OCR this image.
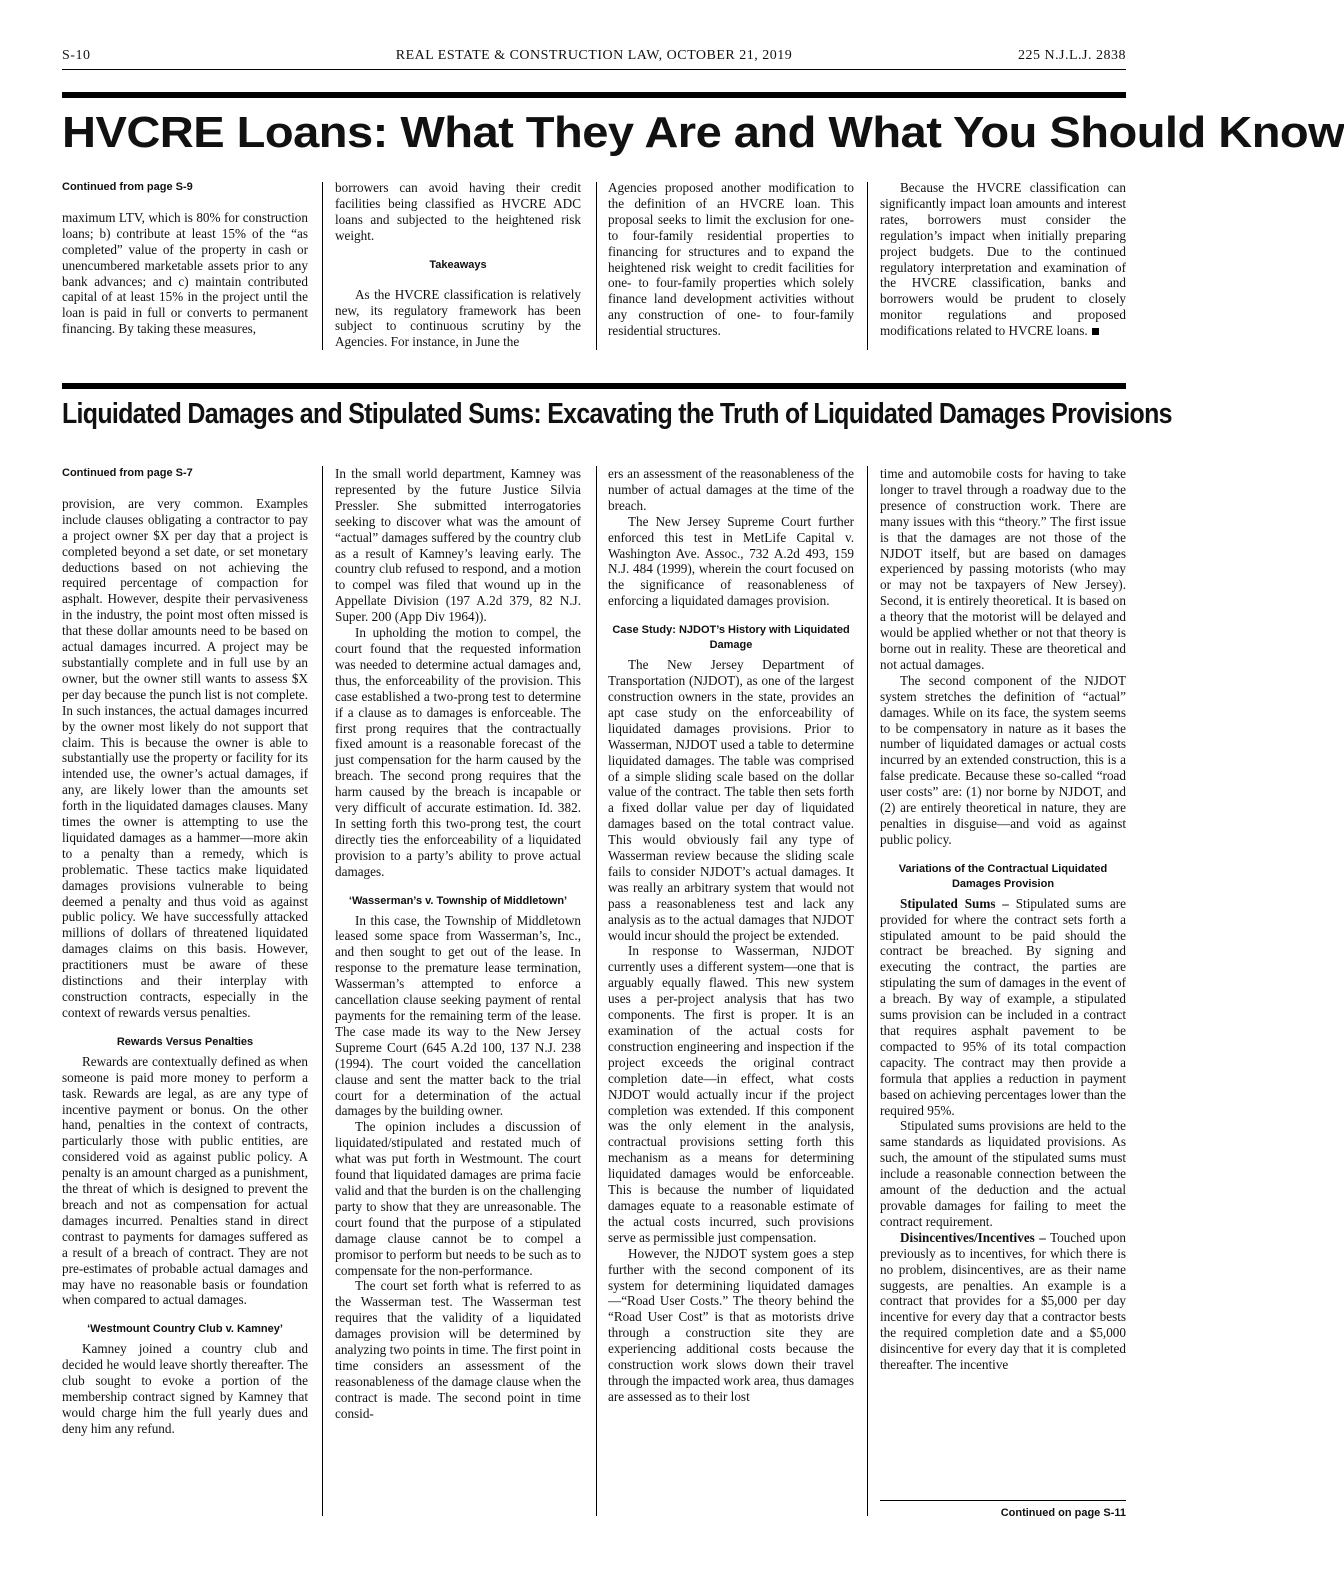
S-10	REAL ESTATE & CONSTRUCTION LAW, OCTOBER 21, 2019	225 N.J.L.J. 2838
HVCRE Loans: What They Are and What You Should Know
Continued from page S-9

maximum LTV, which is 80% for construction loans; b) contribute at least 15% of the “as completed” value of the property in cash or unencumbered marketable assets prior to any bank advances; and c) maintain contributed capital of at least 15% in the project until the loan is paid in full or converts to permanent financing. By taking these measures,

borrowers can avoid having their credit facilities being classified as HVCRE ADC loans and subjected to the heightened risk weight.

Takeaways

As the HVCRE classification is relatively new, its regulatory framework has been subject to continuous scrutiny by the Agencies. For instance, in June the

Agencies proposed another modification to the definition of an HVCRE loan. This proposal seeks to limit the exclusion for one- to four-family residential properties to financing for structures and to expand the heightened risk weight to credit facilities for one- to four-family properties which solely finance land development activities without any construction of one- to four-family residential structures.

Because the HVCRE classification can significantly impact loan amounts and interest rates, borrowers must consider the regulation’s impact when initially preparing project budgets. Due to the continued regulatory interpretation and examination of the HVCRE classification, banks and borrowers would be prudent to closely monitor regulations and proposed modifications related to HVCRE loans.

Liquidated Damages and Stipulated Sums: Excavating the Truth of Liquidated Damages Provisions
Continued from page S-7

provision, are very common. Examples include clauses obligating a contractor to pay a project owner $X per day that a project is completed beyond a set date, or set monetary deductions based on not achieving the required percentage of compaction for asphalt. However, despite their pervasiveness in the industry, the point most often missed is that these dollar amounts need to be based on actual damages incurred. A project may be substantially complete and in full use by an owner, but the owner still wants to assess $X per day because the punch list is not complete. In such instances, the actual damages incurred by the owner most likely do not support that claim. This is because the owner is able to substantially use the property or facility for its intended use, the owner’s actual damages, if any, are likely lower than the amounts set forth in the liquidated damages clauses. Many times the owner is attempting to use the liquidated damages as a hammer—more akin to a penalty than a remedy, which is problematic. These tactics make liquidated damages provisions vulnerable to being deemed a penalty and thus void as against public policy. We have successfully attacked millions of dollars of threatened liquidated damages claims on this basis. However, practitioners must be aware of these distinctions and their interplay with construction contracts, especially in the context of rewards versus penalties.

Rewards Versus Penalties

Rewards are contextually defined as when someone is paid more money to perform a task. Rewards are legal, as are any type of incentive payment or bonus. On the other hand, penalties in the context of contracts, particularly those with public entities, are considered void as against public policy. A penalty is an amount charged as a punishment, the threat of which is designed to prevent the breach and not as compensation for actual damages incurred. Penalties stand in direct contrast to payments for damages suffered as a result of a breach of contract. They are not pre-estimates of probable actual damages and may have no reasonable basis or foundation when compared to actual damages.

‘Westmount Country Club v. Kamney’

Kamney joined a country club and decided he would leave shortly thereafter. The club sought to evoke a portion of the membership contract signed by Kamney that would charge him the full yearly dues and deny him any refund.

In the small world department, Kamney was represented by the future Justice Silvia Pressler. She submitted interrogatories seeking to discover what was the amount of “actual” damages suffered by the country club as a result of Kamney’s leaving early. The country club refused to respond, and a motion to compel was filed that wound up in the Appellate Division (197 A.2d 379, 82 N.J. Super. 200 (App Div 1964)).

In upholding the motion to compel, the court found that the requested information was needed to determine actual damages and, thus, the enforceability of the provision. This case established a two-prong test to determine if a clause as to damages is enforceable. The first prong requires that the contractually fixed amount is a reasonable forecast of the just compensation for the harm caused by the breach. The second prong requires that the harm caused by the breach is incapable or very difficult of accurate estimation. Id. 382. In setting forth this two-prong test, the court directly ties the enforceability of a liquidated provision to a party’s ability to prove actual damages.

‘Wasserman’s v. Township of Middletown’

In this case, the Township of Middletown leased some space from Wasserman’s, Inc., and then sought to get out of the lease. In response to the premature lease termination, Wasserman’s attempted to enforce a cancellation clause seeking payment of rental payments for the remaining term of the lease. The case made its way to the New Jersey Supreme Court (645 A.2d 100, 137 N.J. 238 (1994). The court voided the cancellation clause and sent the matter back to the trial court for a determination of the actual damages by the building owner.

The opinion includes a discussion of liquidated/stipulated and restated much of what was put forth in Westmount. The court found that liquidated damages are prima facie valid and that the burden is on the challenging party to show that they are unreasonable. The court found that the purpose of a stipulated damage clause cannot be to compel a promisor to perform but needs to be such as to compensate for the non-performance.

The court set forth what is referred to as the Wasserman test. The Wasserman test requires that the validity of a liquidated damages provision will be determined by analyzing two points in time. The first point in time considers an assessment of the reasonableness of the damage clause when the contract is made. The second point in time consid-

ers an assessment of the reasonableness of the number of actual damages at the time of the breach.

The New Jersey Supreme Court further enforced this test in MetLife Capital v. Washington Ave. Assoc., 732 A.2d 493, 159 N.J. 484 (1999), wherein the court focused on the significance of reasonableness of enforcing a liquidated damages provision.

Case Study: NJDOT’s History with Liquidated Damage

The New Jersey Department of Transportation (NJDOT), as one of the largest construction owners in the state, provides an apt case study on the enforceability of liquidated damages provisions. Prior to Wasserman, NJDOT used a table to determine liquidated damages. The table was comprised of a simple sliding scale based on the dollar value of the contract. The table then sets forth a fixed dollar value per day of liquidated damages based on the total contract value. This would obviously fail any type of Wasserman review because the sliding scale fails to consider NJDOT’s actual damages. It was really an arbitrary system that would not pass a reasonableness test and lack any analysis as to the actual damages that NJDOT would incur should the project be extended.

In response to Wasserman, NJDOT currently uses a different system—one that is arguably equally flawed. This new system uses a per-project analysis that has two components. The first is proper. It is an examination of the actual costs for construction engineering and inspection if the project exceeds the original contract completion date—in effect, what costs NJDOT would actually incur if the project completion was extended. If this component was the only element in the analysis, contractual provisions setting forth this mechanism as a means for determining liquidated damages would be enforceable. This is because the number of liquidated damages equate to a reasonable estimate of the actual costs incurred, such provisions serve as permissible just compensation.

However, the NJDOT system goes a step further with the second component of its system for determining liquidated damages—“Road User Costs.” The theory behind the “Road User Cost” is that as motorists drive through a construction site they are experiencing additional costs because the construction work slows down their travel through the impacted work area, thus damages are assessed as to their lost

time and automobile costs for having to take longer to travel through a roadway due to the presence of construction work. There are many issues with this “theory.” The first issue is that the damages are not those of the NJDOT itself, but are based on damages experienced by passing motorists (who may or may not be taxpayers of New Jersey). Second, it is entirely theoretical. It is based on a theory that the motorist will be delayed and would be applied whether or not that theory is borne out in reality. These are theoretical and not actual damages.

The second component of the NJDOT system stretches the definition of “actual” damages. While on its face, the system seems to be compensatory in nature as it bases the number of liquidated damages or actual costs incurred by an extended construction, this is a false predicate. Because these so-called “road user costs” are: (1) nor borne by NJDOT, and (2) are entirely theoretical in nature, they are penalties in disguise—and void as against public policy.

Variations of the Contractual Liquidated Damages Provision

Stipulated Sums – Stipulated sums are provided for where the contract sets forth a stipulated amount to be paid should the contract be breached. By signing and executing the contract, the parties are stipulating the sum of damages in the event of a breach. By way of example, a stipulated sums provision can be included in a contract that requires asphalt pavement to be compacted to 95% of its total compaction capacity. The contract may then provide a formula that applies a reduction in payment based on achieving percentages lower than the required 95%.

Stipulated sums provisions are held to the same standards as liquidated provisions. As such, the amount of the stipulated sums must include a reasonable connection between the amount of the deduction and the actual provable damages for failing to meet the contract requirement.

Disincentives/Incentives – Touched upon previously as to incentives, for which there is no problem, disincentives, are as their name suggests, are penalties. An example is a contract that provides for a $5,000 per day incentive for every day that a contractor bests the required completion date and a $5,000 disincentive for every day that it is completed thereafter. The incentive

Continued on page S-11
